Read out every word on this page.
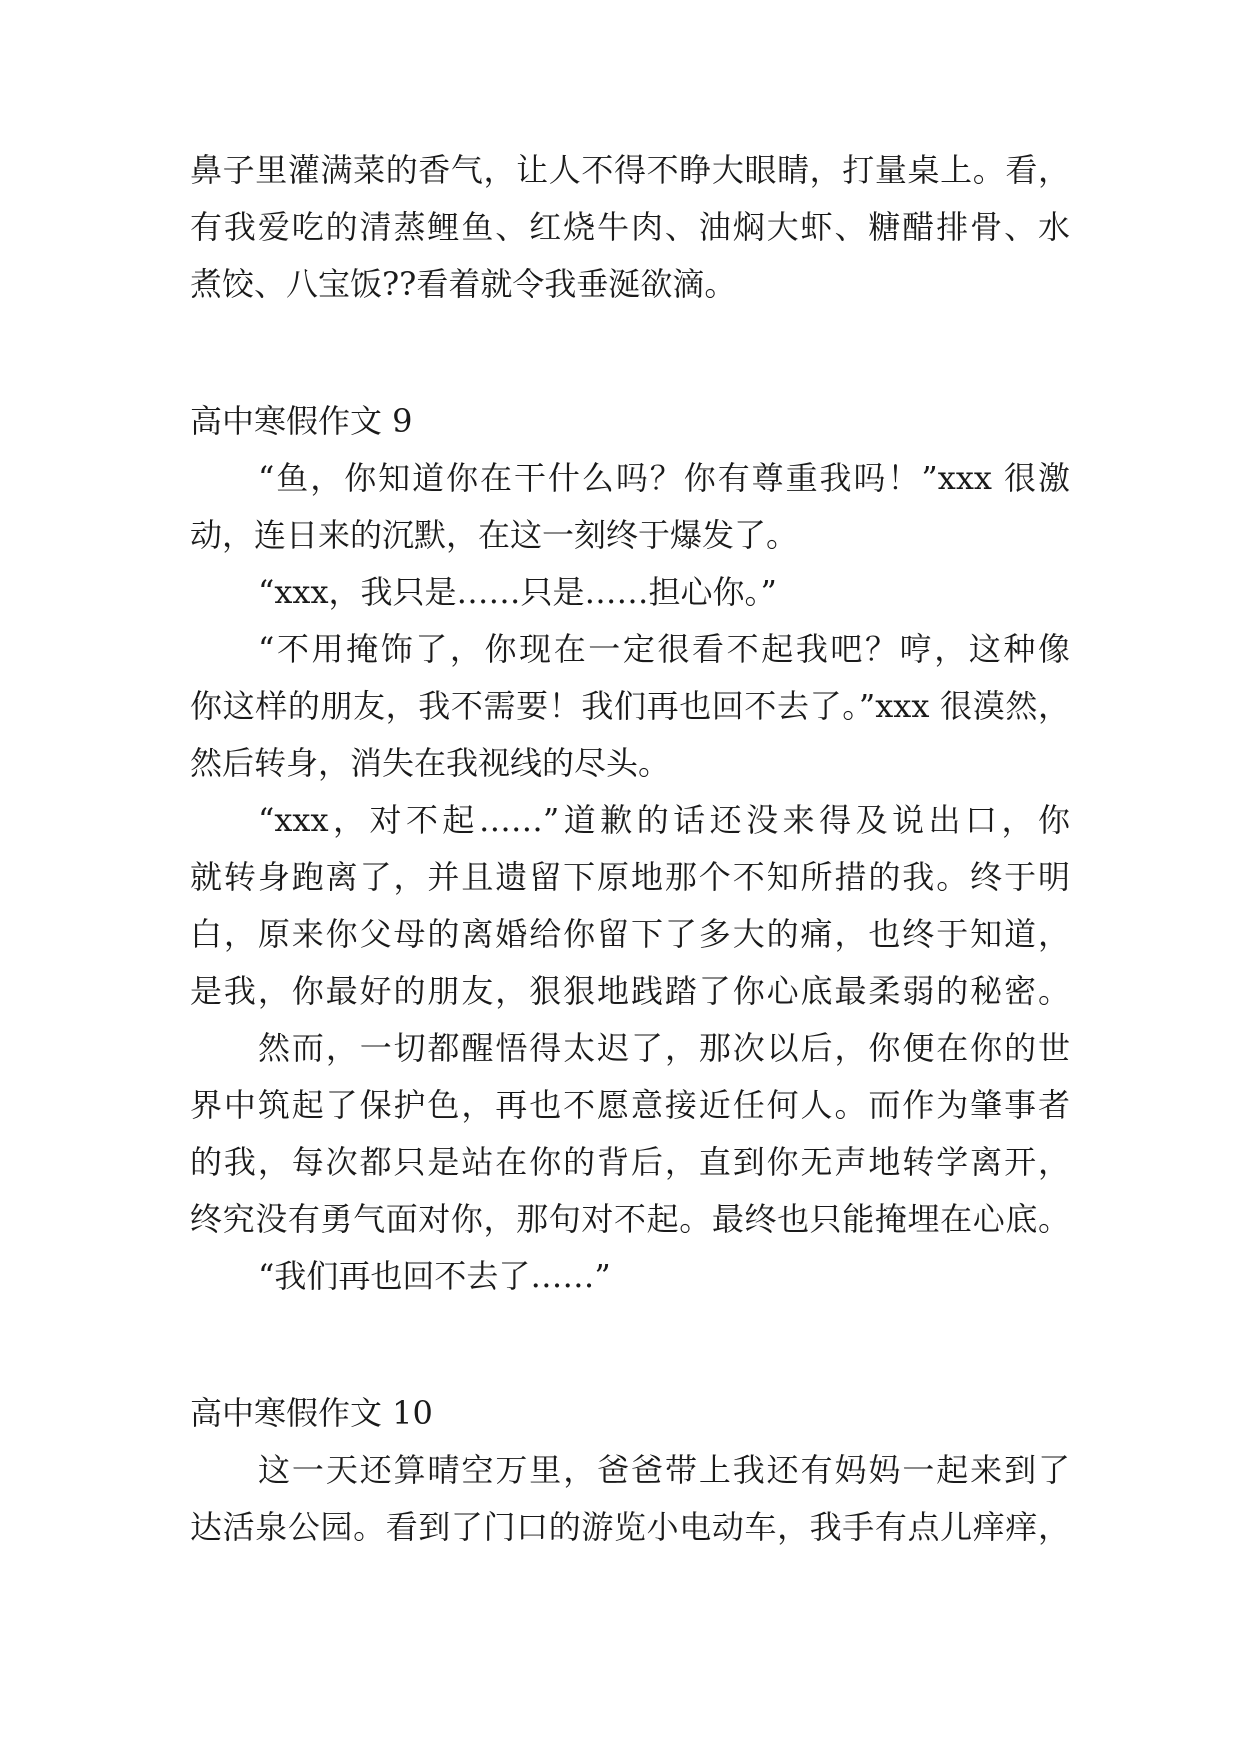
鼻子里灌满菜的香气，让人不得不睁大眼睛，打量桌上。看，
有我爱吃的清蒸鲤鱼、红烧牛肉、油焖大虾、糖醋排骨、水
煮饺、八宝饭??看着就令我垂涎欲滴。
高中寒假作文 9
“鱼，你知道你在干什么吗？你有尊重我吗！”xxx 很激
动，连日来的沉默，在这一刻终于爆发了。
“xxx，我只是……只是……担心你。”
“不用掩饰了，你现在一定很看不起我吧？哼，这种像
你这样的朋友，我不需要！我们再也回不去了。”xxx 很漠然，
然后转身，消失在我视线的尽头。
“xxx，对不起……”道歉的话还没来得及说出口，你
就转身跑离了，并且遗留下原地那个不知所措的我。终于明
白，原来你父母的离婚给你留下了多大的痛，也终于知道，
是我，你最好的朋友，狠狠地践踏了你心底最柔弱的秘密。
然而，一切都醒悟得太迟了，那次以后，你便在你的世
界中筑起了保护色，再也不愿意接近任何人。而作为肇事者
的我，每次都只是站在你的背后，直到你无声地转学离开，
终究没有勇气面对你，那句对不起。最终也只能掩埋在心底。
“我们再也回不去了……”
高中寒假作文 10
这一天还算晴空万里，爸爸带上我还有妈妈一起来到了
达活泉公园。看到了门口的游览小电动车，我手有点儿痒痒，
